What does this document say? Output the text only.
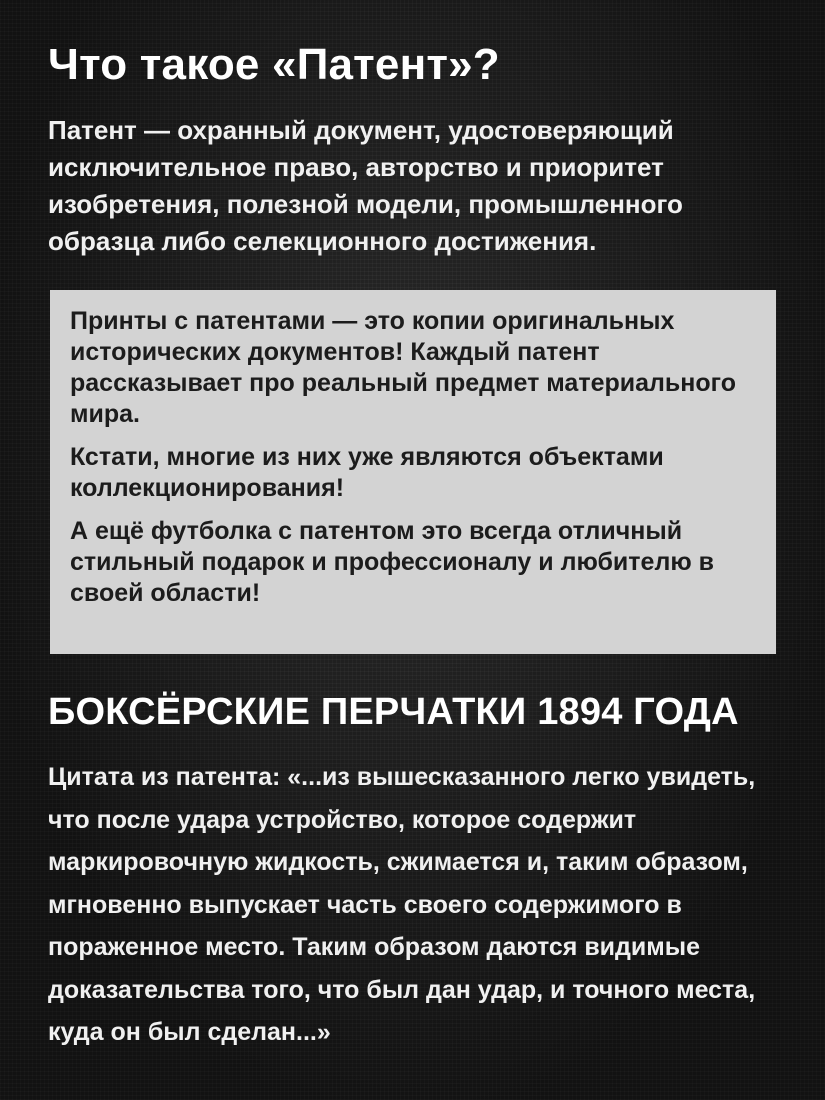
Что такое «Патент»?

Патент — охранный документ, удостоверяющий исключительное право, авторство и приоритет изобретения, полезной модели, промышленного образца либо селекционного достижения.

Принты с патентами — это копии оригинальных исторических документов! Каждый патент рассказывает про реальный предмет материального мира.

Кстати, многие из них уже являются объектами коллекционирования!

А ещё футболка с патентом это всегда отличный стильный подарок и профессионалу и любителю в своей области!

БОКСЁРСКИЕ ПЕРЧАТКИ 1894 ГОДА

Цитата из патента: «...из вышесказанного легко увидеть, что после удара устройство, которое содержит маркировочную жидкость, сжимается и, таким образом, мгновенно выпускает часть своего содержимого в пораженное место. Таким образом даются видимые доказательства того, что был дан удар, и точного места, куда он был сделан...»
